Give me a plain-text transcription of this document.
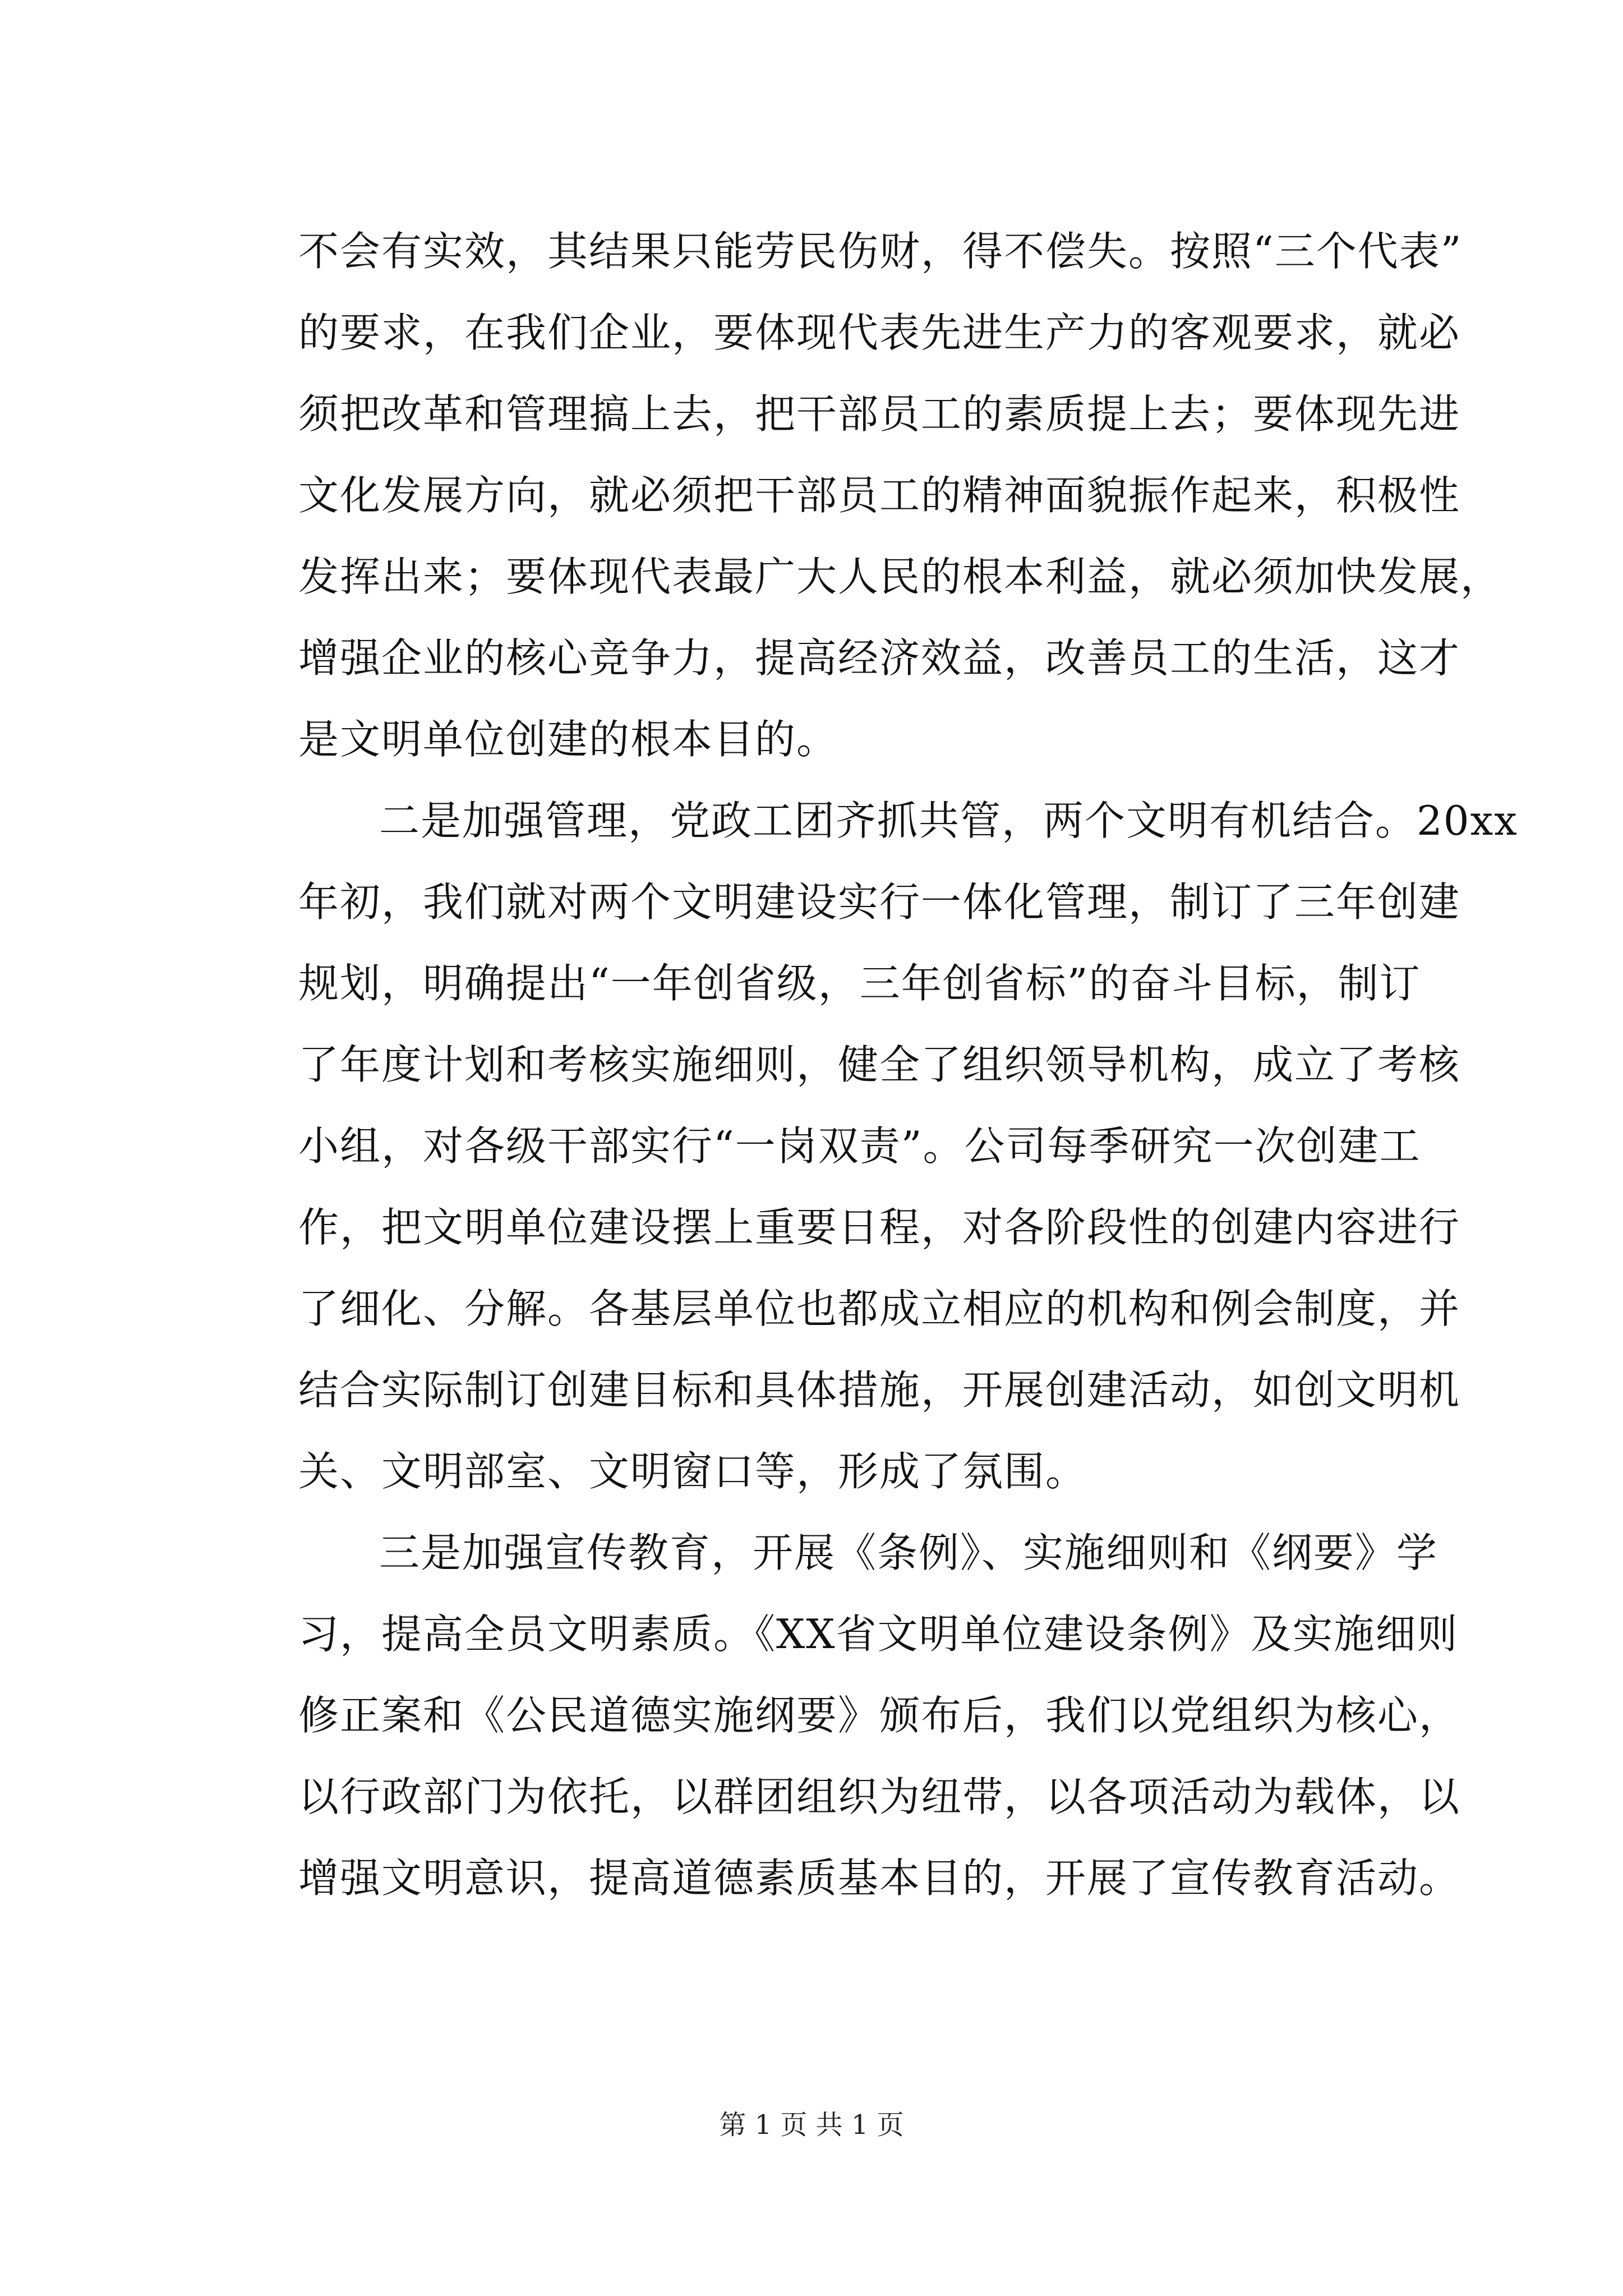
不会有实效，其结果只能劳民伤财，得不偿失。按照“三个代表”
的要求，在我们企业，要体现代表先进生产力的客观要求，就必
须把改革和管理搞上去，把干部员工的素质提上去；要体现先进
文化发展方向，就必须把干部员工的精神面貌振作起来，积极性
发挥出来；要体现代表最广大人民的根本利益，就必须加快发展，
增强企业的核心竞争力，提高经济效益，改善员工的生活，这才
是文明单位创建的根本目的。
二是加强管理，党政工团齐抓共管，两个文明有机结合。20xx
年初，我们就对两个文明建设实行一体化管理，制订了三年创建
规划，明确提出“一年创省级，三年创省标”的奋斗目标，制订
了年度计划和考核实施细则，健全了组织领导机构，成立了考核
小组，对各级干部实行“一岗双责”。公司每季研究一次创建工
作，把文明单位建设摆上重要日程，对各阶段性的创建内容进行
了细化、分解。各基层单位也都成立相应的机构和例会制度，并
结合实际制订创建目标和具体措施，开展创建活动，如创文明机
关、文明部室、文明窗口等，形成了氛围。
三是加强宣传教育，开展《条例》、实施细则和《纲要》学
习，提高全员文明素质。《XX省文明单位建设条例》及实施细则
修正案和《公民道德实施纲要》颁布后，我们以党组织为核心，
以行政部门为依托，以群团组织为纽带，以各项活动为载体，以
增强文明意识，提高道德素质基本目的，开展了宣传教育活动。
第 1 页 共 1 页
